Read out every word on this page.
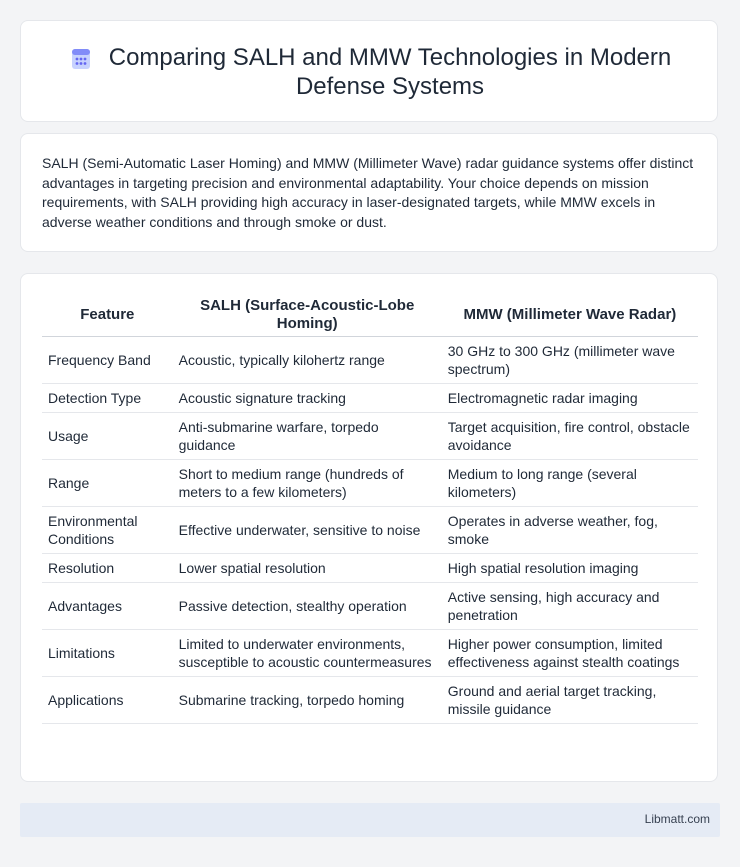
Comparing SALH and MMW Technologies in Modern Defense Systems
SALH (Semi-Automatic Laser Homing) and MMW (Millimeter Wave) radar guidance systems offer distinct advantages in targeting precision and environmental adaptability. Your choice depends on mission requirements, with SALH providing high accuracy in laser-designated targets, while MMW excels in adverse weather conditions and through smoke or dust.
Feature	SALH (Surface-Acoustic-Lobe Homing)	MMW (Millimeter Wave Radar)
Frequency Band	Acoustic, typically kilohertz range	30 GHz to 300 GHz (millimeter wave spectrum)
Detection Type	Acoustic signature tracking	Electromagnetic radar imaging
Usage	Anti-submarine warfare, torpedo guidance	Target acquisition, fire control, obstacle avoidance
Range	Short to medium range (hundreds of meters to a few kilometers)	Medium to long range (several kilometers)
Environmental Conditions	Effective underwater, sensitive to noise	Operates in adverse weather, fog, smoke
Resolution	Lower spatial resolution	High spatial resolution imaging
Advantages	Passive detection, stealthy operation	Active sensing, high accuracy and penetration
Limitations	Limited to underwater environments, susceptible to acoustic countermeasures	Higher power consumption, limited effectiveness against stealth coatings
Applications	Submarine tracking, torpedo homing	Ground and aerial target tracking, missile guidance
Libmatt.com
